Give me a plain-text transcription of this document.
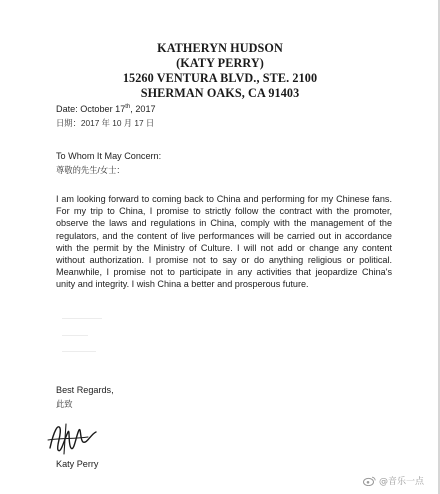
KATHERYN HUDSON
(KATY PERRY)
15260 VENTURA BLVD., STE. 2100
SHERMAN OAKS, CA 91403
Date: October 17th, 2017
日期：2017 年 10 月 17 日
To Whom It May Concern:
尊敬的先生/女士：
I am looking forward to coming back to China and performing for my Chinese fans. For my trip to China, I promise to strictly follow the contract with the promoter, observe the laws and regulations in China, comply with the management of the regulators, and the content of live performances will be carried out in accordance with the permit by the Ministry of Culture. I will not add or change any content without authorization. I promise not to say or do anything religious or political. Meanwhile, I promise not to participate in any activities that jeopardize China's unity and integrity. I wish China a better and prosperous future.
Best Regards,
此致
Katy Perry
@音乐一点
